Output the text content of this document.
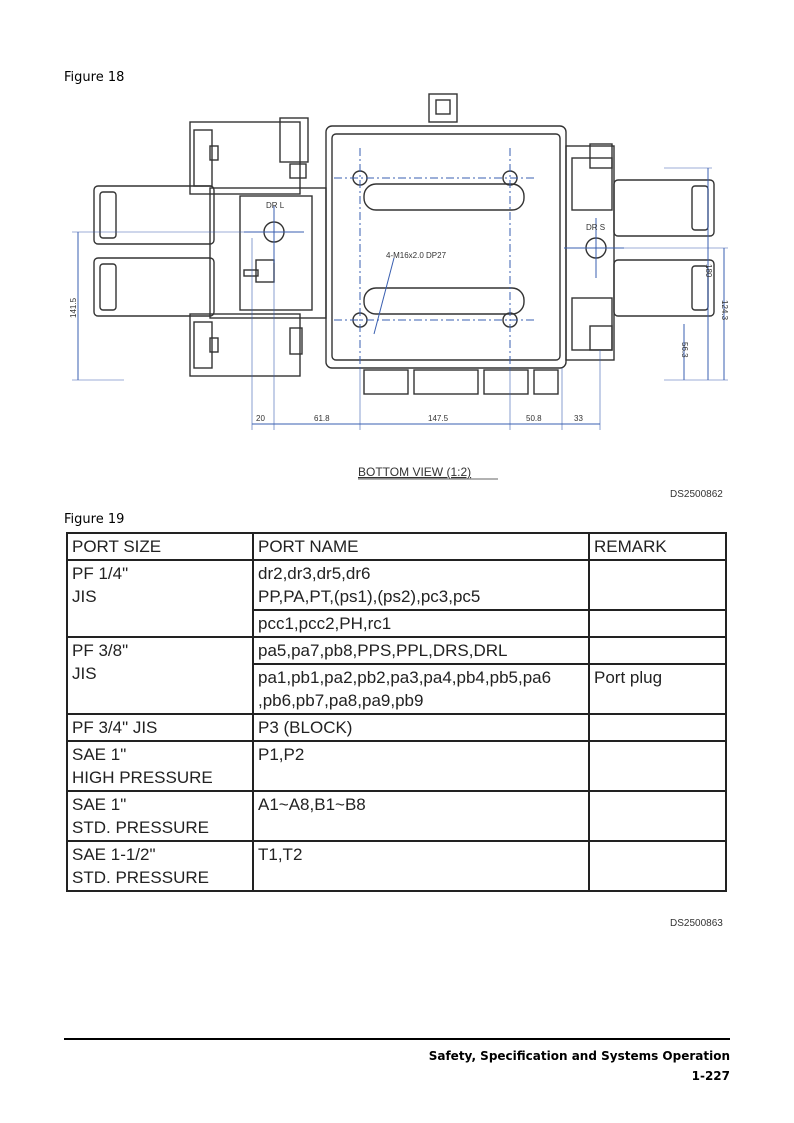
Figure 18
DR L
DR S
4-M16x2.0 DP27
20	61.8	147.5	50.8	33
141.5
180
124.3
56.3
BOTTOM VIEW (1:2)
DS2500862
Figure 19
PORT SIZE	PORT NAME	REMARK

PF 1/4"
JIS	dr2,dr3,dr5,dr6
PP,PA,PT,(ps1),(ps2),pc3,pc5	

	pcc1,pcc2,PH,rc1	

PF 3/8"
JIS	pa5,pa7,pb8,PPS,PPL,DRS,DRL	

	pa1,pb1,pa2,pb2,pa3,pa4,pb4,pb5,pa6
,pb6,pb7,pa8,pa9,pb9	Port plug
PF 3/4" JIS	P3 (BLOCK)	

SAE 1"
HIGH PRESSURE	P1,P2	

SAE 1"
STD. PRESSURE	A1~A8,B1~B8	

SAE 1-1/2"
STD. PRESSURE	T1,T2	
DS2500863
Safety, Specification and Systems Operation
1-227
